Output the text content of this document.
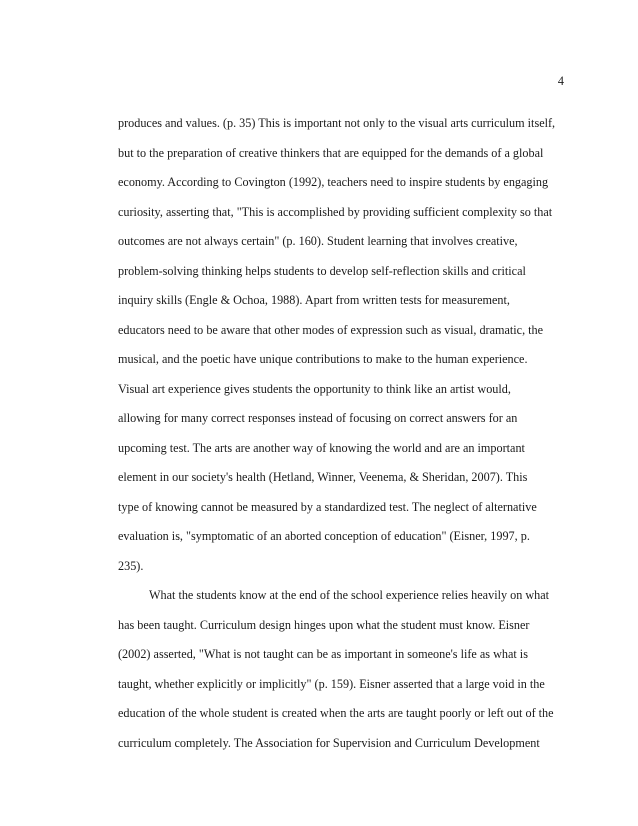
4
produces and values. (p. 35) This is important not only to the visual arts curriculum itself,
but to the preparation of creative thinkers that are equipped for the demands of a global
economy. According to Covington (1992), teachers need to inspire students by engaging
curiosity, asserting that, "This is accomplished by providing sufficient complexity so that
outcomes are not always certain" (p. 160). Student learning that involves creative,
problem-solving thinking helps students to develop self-reflection skills and critical
inquiry skills (Engle & Ochoa, 1988). Apart from written tests for measurement,
educators need to be aware that other modes of expression such as visual, dramatic, the
musical, and the poetic have unique contributions to make to the human experience.
Visual art experience gives students the opportunity to think like an artist would,
allowing for many correct responses instead of focusing on correct answers for an
upcoming test. The arts are another way of knowing the world and are an important
element in our society's health (Hetland, Winner, Veenema, & Sheridan, 2007). This
type of knowing cannot be measured by a standardized test. The neglect of alternative
evaluation is, "symptomatic of an aborted conception of education" (Eisner, 1997, p.
235).
What the students know at the end of the school experience relies heavily on what
has been taught. Curriculum design hinges upon what the student must know. Eisner
(2002) asserted, "What is not taught can be as important in someone's life as what is
taught, whether explicitly or implicitly" (p. 159). Eisner asserted that a large void in the
education of the whole student is created when the arts are taught poorly or left out of the
curriculum completely. The Association for Supervision and Curriculum Development
